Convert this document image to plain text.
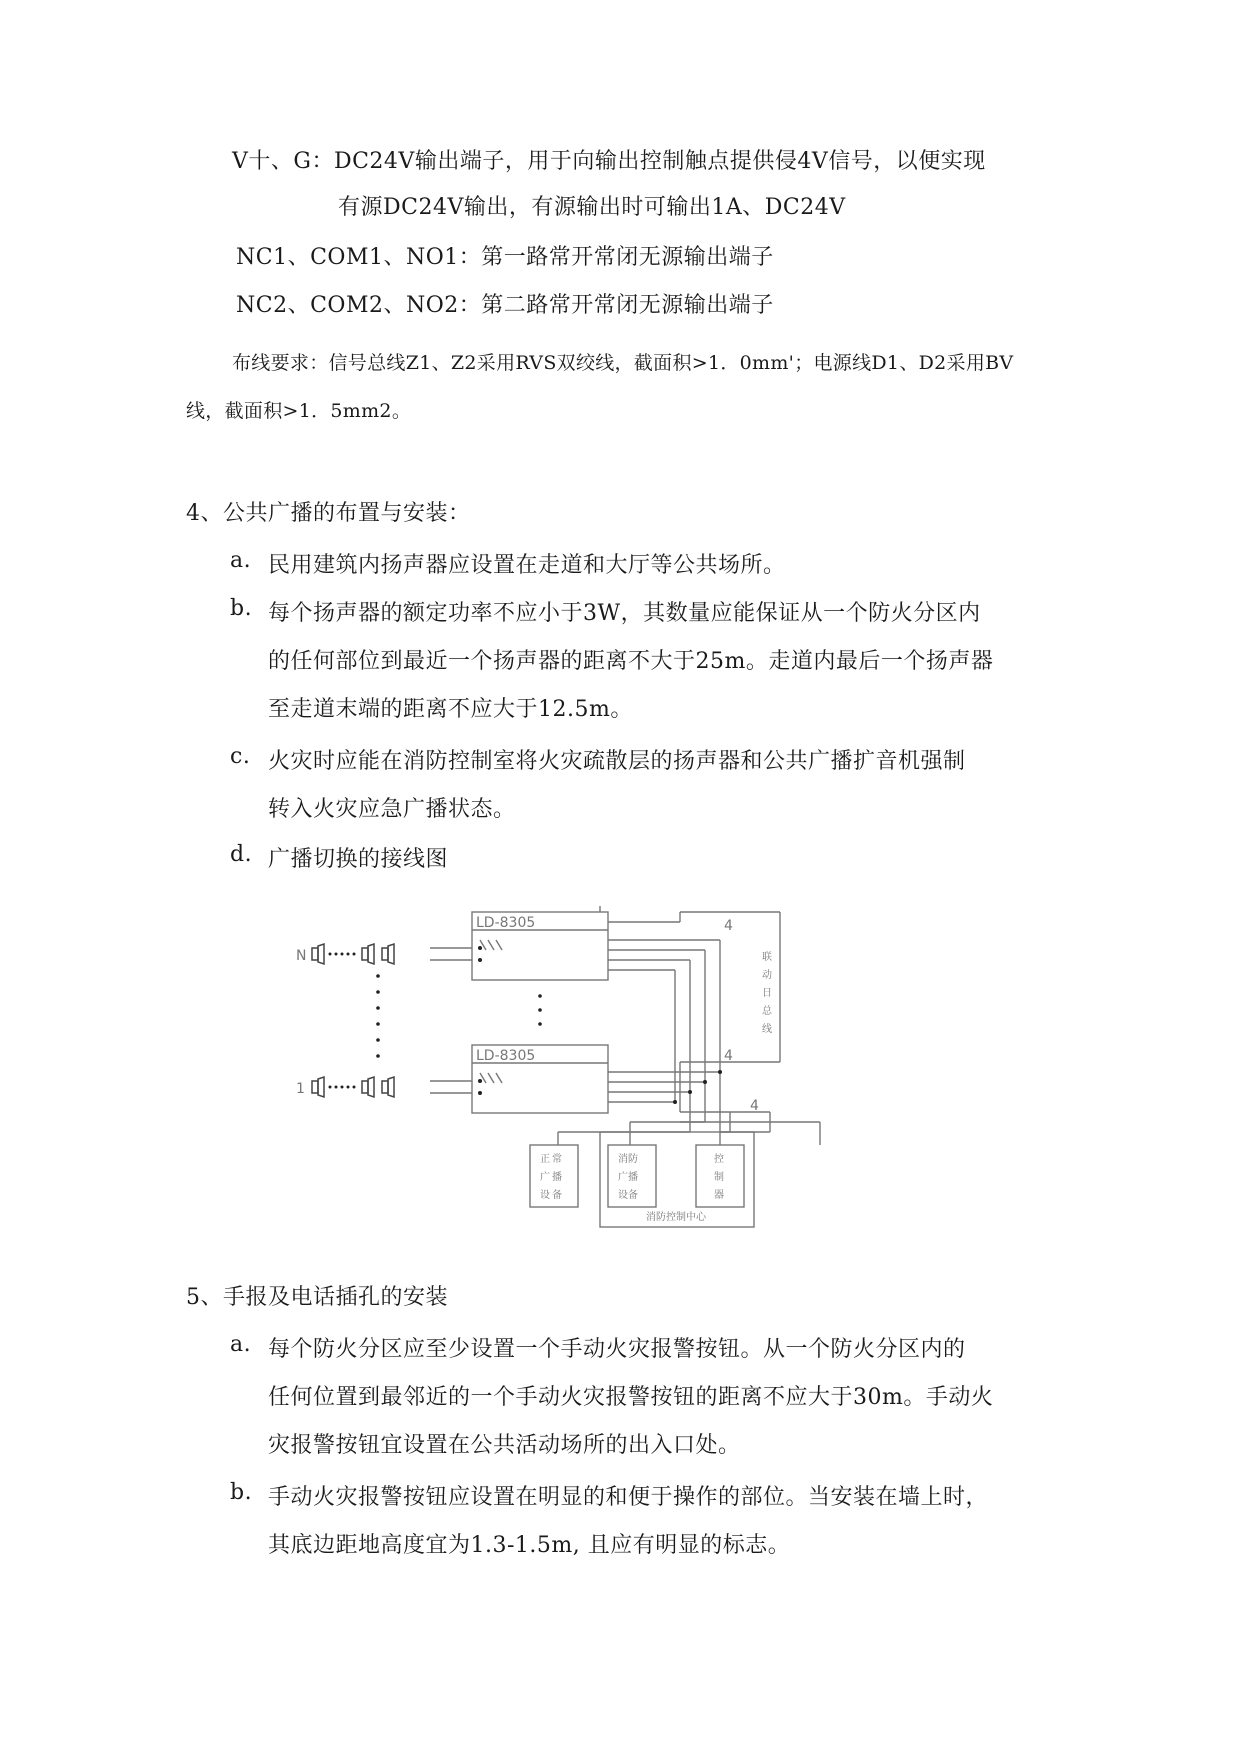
V十、G：DC24V输出端子，用于向输出控制触点提供侵4V信号，以便实现
有源DC24V输出，有源输出时可输出1A、DC24V
NC1、COM1、NO1：第一路常开常闭无源输出端子
NC2、COM2、NO2：第二路常开常闭无源输出端子
布线要求：信号总线Z1、Z2采用RVS双绞线，截面积>1．0mm'；电源线D1、D2采用BV
线，截面积>1．5mm2。
4、公共广播的布置与安装：
a. 民用建筑内扬声器应设置在走道和大厅等公共场所。
b. 每个扬声器的额定功率不应小于3W，其数量应能保证从一个防火分区内
的任何部位到最近一个扬声器的距离不大于25m。走道内最后一个扬声器
至走道末端的距离不应大于12.5m。
c. 火灾时应能在消防控制室将火灾疏散层的扬声器和公共广播扩音机强制
转入火灾应急广播状态。
d. 广播切换的接线图
LD-8305
LD-8305
N
1
4
4
4
联
动
日
总
线
正 常
广 播
设 备
消防
广播
设备
控
制
器
消防控制中心
5、手报及电话插孔的安装
a. 每个防火分区应至少设置一个手动火灾报警按钮。从一个防火分区内的
任何位置到最邻近的一个手动火灾报警按钮的距离不应大于30m。手动火
灾报警按钮宜设置在公共活动场所的出入口处。
b. 手动火灾报警按钮应设置在明显的和便于操作的部位。当安装在墙上时，
其底边距地高度宜为1.3-1.5m, 且应有明显的标志。
